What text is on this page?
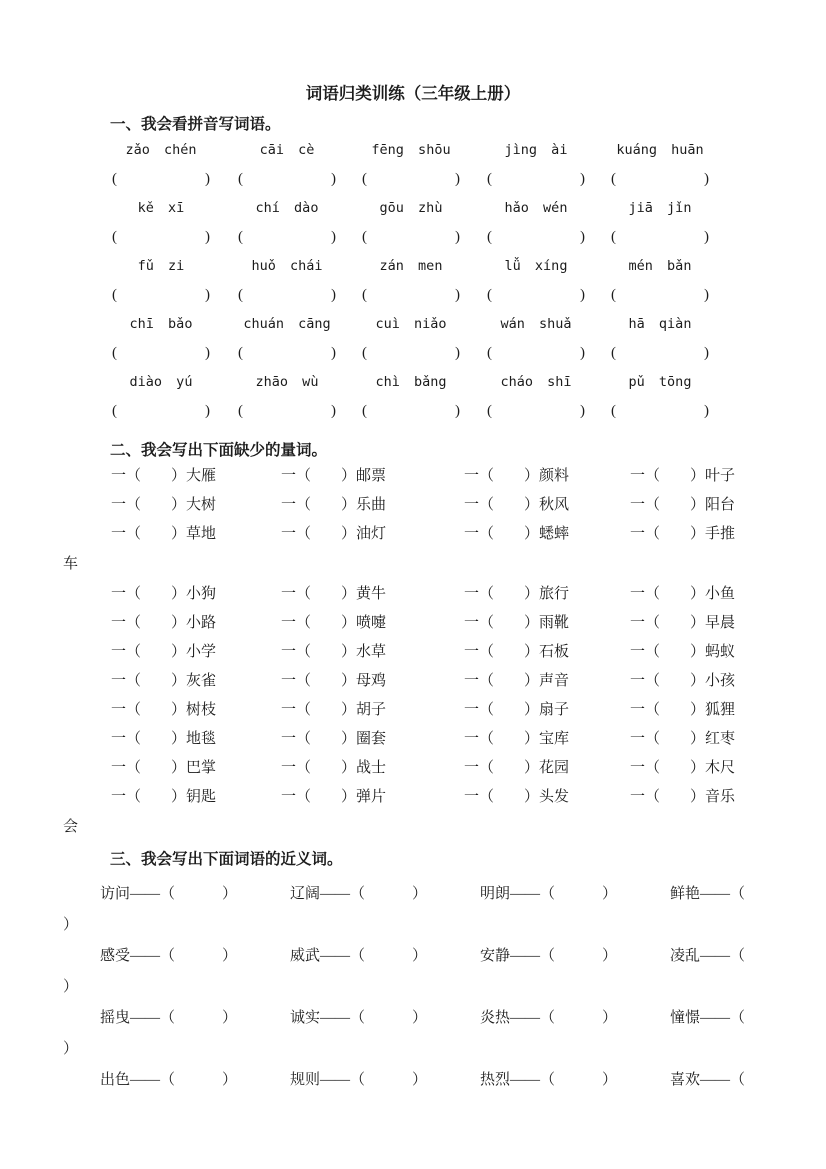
词语归类训练（三年级上册）
一、我会看拼音写词语。
zǎo chén	cāi cè	fēng shōu	jìng ài	kuáng huān
(	) (	) (	) (	) (	)
kě xī	chí dào	gōu zhù	hǎo wén	jiā jǐn
(	) (	) (	) (	) (	)
fǔ zi	huǒ chái	zán men	lǚ xíng	mén bǎn
(	) (	) (	) (	) (	)
chī bǎo	chuán cāng	cuì niǎo	wán shuǎ	hā qiàn
(	) (	) (	) (	) (	)
diào yú	zhāo wù	chì bǎng	cháo shī	pǔ tōng
(	) (	) (	) (	) (	)
二、我会写出下面缺少的量词。
一（ ）大雁	一（ ）邮票	一（ ）颜料	一（ ）叶子
一（ ）大树	一（ ）乐曲	一（ ）秋风	一（ ）阳台
一（ ）草地	一（ ）油灯	一（ ）蟋蟀	一（ ）手推
车
一（ ）小狗	一（ ）黄牛	一（ ）旅行	一（ ）小鱼
一（ ）小路	一（ ）喷嚏	一（ ）雨靴	一（ ）早晨
一（ ）小学	一（ ）水草	一（ ）石板	一（ ）蚂蚁
一（ ）灰雀	一（ ）母鸡	一（ ）声音	一（ ）小孩
一（ ）树枝	一（ ）胡子	一（ ）扇子	一（ ）狐狸
一（ ）地毯	一（ ）圈套	一（ ）宝库	一（ ）红枣
一（ ）巴掌	一（ ）战士	一（ ）花园	一（ ）木尺
一（ ）钥匙	一（ ）弹片	一（ ）头发	一（ ）音乐
会
三、我会写出下面词语的近义词。
访问——（	）	辽阔——（	）	明朗——（	）	鲜艳——（
）
感受——（	）	威武——（	）	安静——（	）	凌乱——（
）
摇曳——（	）	诚实——（	）	炎热——（	）	憧憬——（
）
出色——（	）	规则——（	）	热烈——（	）	喜欢——（
